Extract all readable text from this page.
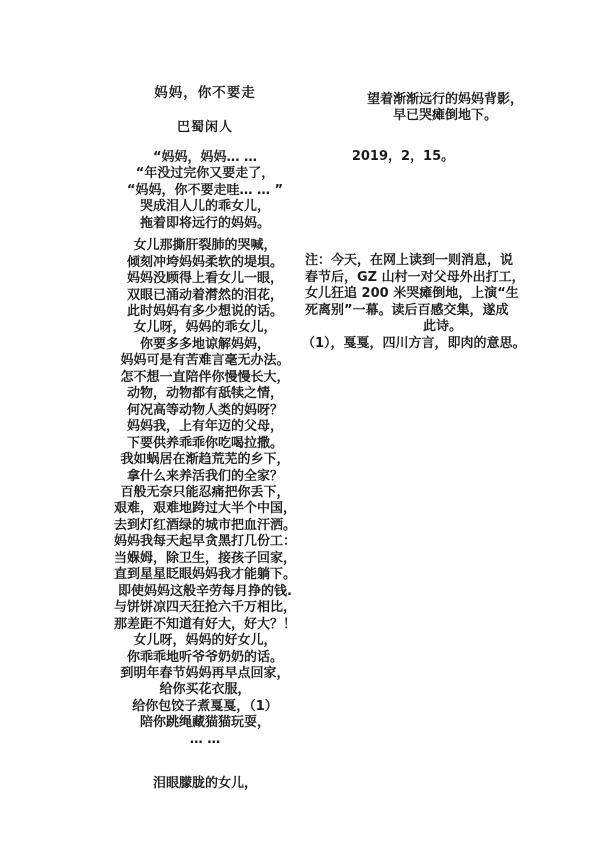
妈妈，你不要走
巴蜀闲人
“妈妈，妈妈… …
“年没过完你又要走了，
“妈妈，你不要走哇… … ”
哭成泪人儿的乖女儿，
拖着即将远行的妈妈。
女儿那撕肝裂肺的哭喊，
倾刻冲垮妈妈柔软的堤垻。
妈妈没顾得上看女儿一眼，
双眼已涌动着潸然的泪花，
此时妈妈有多少想说的话。
女儿呀，妈妈的乖女儿，
你要多多地谅解妈妈，
妈妈可是有苦难言毫无办法。
怎不想一直陪伴你慢慢长大，
动物，动物都有舐犊之情，
何况高等动物人类的妈呀？
妈妈我，上有年迈的父母，
下要供养乖乖你吃喝拉撒。
我如蜗居在渐趋荒芜的乡下，
拿什么来养活我们的全家？
百般无奈只能忍痛把你丢下，
艰难，艰难地跨过大半个中国，
去到灯红酒绿的城市把血汗洒。
妈妈我每天起早贪黑打几份工：
当媬姆，除卫生，接孩子回家，
直到星星眨眼妈妈我才能躺下。
即使妈妈这般辛劳每月挣的钱.
与饼饼凉四天狂抢六千万相比，
那差距不知道有好大，好大？！
女儿呀，妈妈的好女儿，
你乖乖地听爷爷奶奶的话。
到明年春节妈妈再早点回家，
给你买花衣服，
给你包饺子煮戛戛，（1）
陪你跳绳藏猫猫玩耍，
… …
泪眼朦胧的女儿，
望着渐渐远行的妈妈背影，
早已哭瘫倒地下。
2019，2，15。
注：今天，在网上读到一则消息，说
春节后，GZ 山村一对父母外出打工，
女儿狂追 200 米哭瘫倒地，上演“生
死离别”一幕。读后百感交集，遂成
此诗。
（1），戛戛，四川方言，即肉的意思。
